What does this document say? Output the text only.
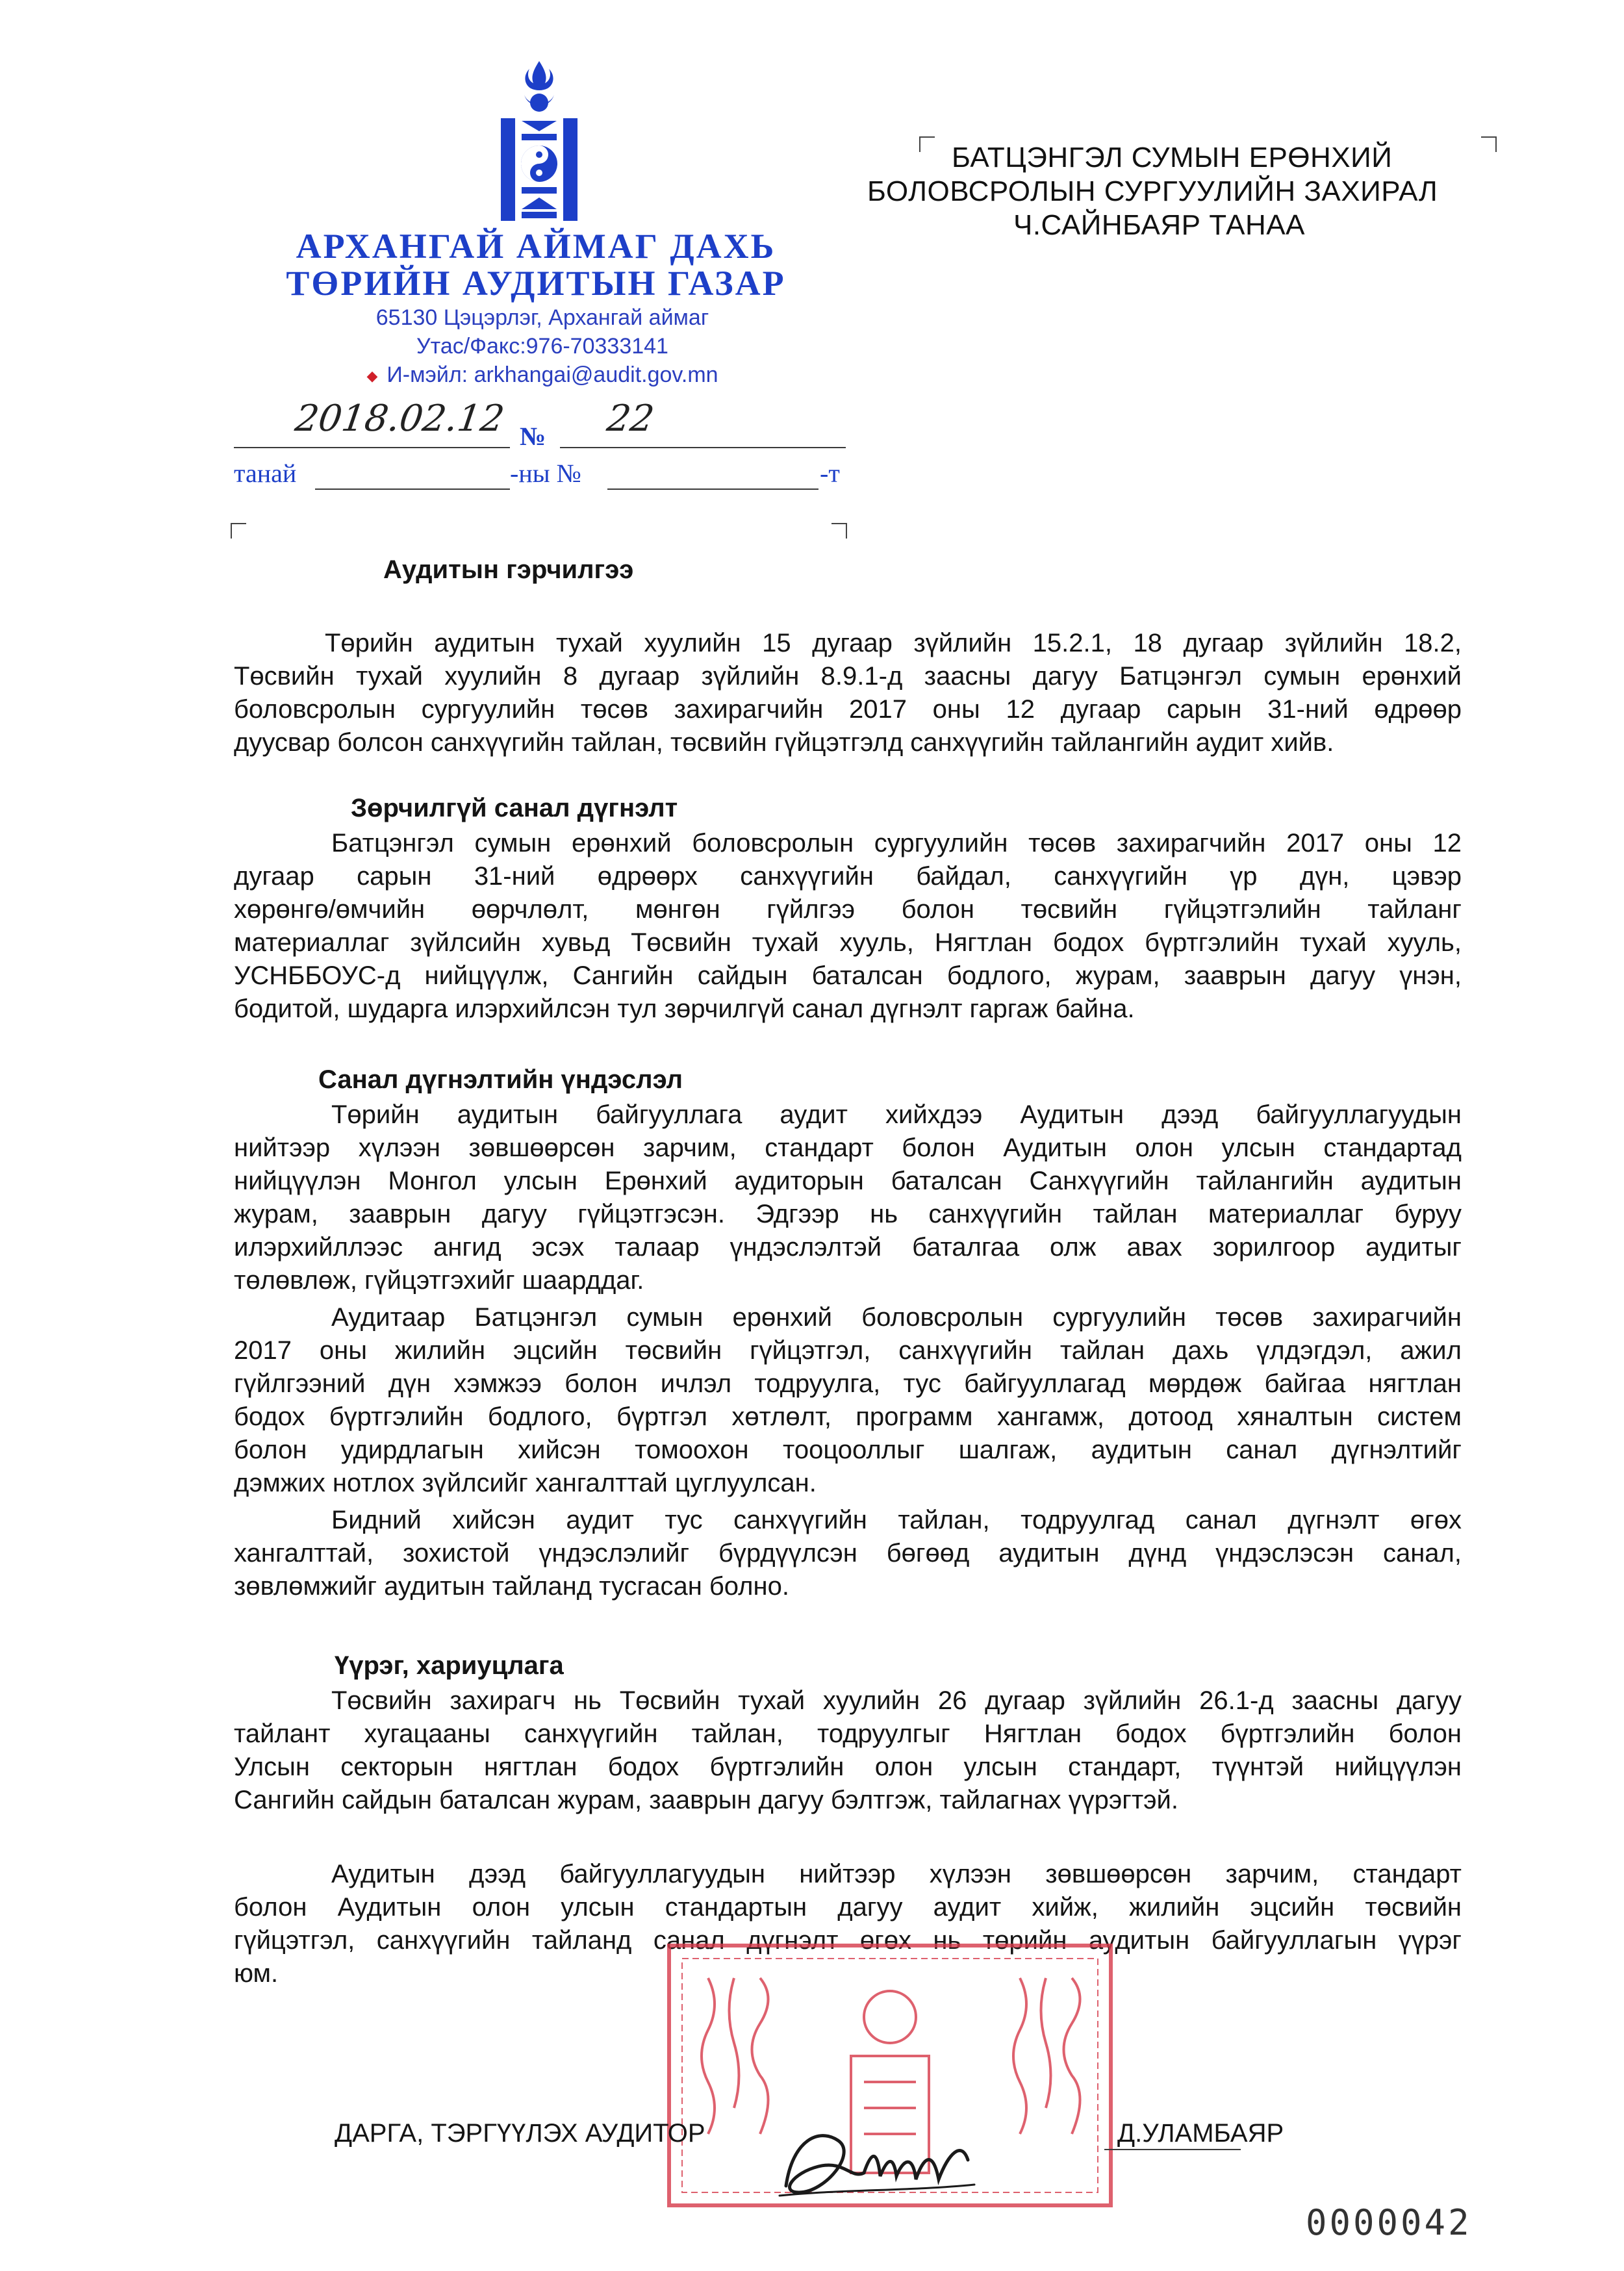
АРХАНГАЙ АЙМАГ ДАХЬ
ТӨРИЙН АУДИТЫН ГАЗАР
65130 Цэцэрлэг, Архангай аймаг
Утас/Факс:976-70333141
◆ И-мэйл: arkhangai@audit.gov.mn
2018.02.12 № 22
танай	-ны №	-т
БАТЦЭНГЭЛ СУМЫН ЕРӨНХИЙ
БОЛОВСРОЛЫН СУРГУУЛИЙН ЗАХИРАЛ
Ч.САЙНБАЯР ТАНАА
Аудитын гэрчилгээ
Төрийн аудитын тухай хуулийн 15 дугаар зүйлийн 15.2.1, 18 дугаар зүйлийн 18.2,
Төсвийн тухай хуулийн 8 дугаар зүйлийн 8.9.1-д заасны дагуу Батцэнгэл сумын ерөнхий
боловсролын сургуулийн төсөв захирагчийн 2017 оны 12 дугаар сарын 31-ний өдрөөр
дуусвар болсон санхүүгийн тайлан, төсвийн гүйцэтгэлд санхүүгийн тайлангийн аудит хийв.
Зөрчилгүй санал дүгнэлт
Батцэнгэл сумын ерөнхий боловсролын сургуулийн төсөв захирагчийн 2017 оны 12
дугаар сарын 31-ний өдрөөрх санхүүгийн байдал, санхүүгийн үр дүн, цэвэр
хөрөнгө/өмчийн өөрчлөлт, мөнгөн гүйлгээ болон төсвийн гүйцэтгэлийн тайланг
материаллаг зүйлсийн хувьд Төсвийн тухай хууль, Нягтлан бодох бүртгэлийн тухай хууль,
УСНББОУС-д нийцүүлж, Сангийн сайдын баталсан бодлого, журам, зааврын дагуу үнэн,
бодитой, шударга илэрхийлсэн тул зөрчилгүй санал дүгнэлт гаргаж байна.
Санал дүгнэлтийн үндэслэл
Төрийн аудитын байгууллага аудит хийхдээ Аудитын дээд байгууллагуудын
нийтээр хүлээн зөвшөөрсөн зарчим, стандарт болон Аудитын олон улсын стандартад
нийцүүлэн Монгол улсын Ерөнхий аудиторын баталсан Санхүүгийн тайлангийн аудитын
журам, зааврын дагуу гүйцэтгэсэн. Эдгээр нь санхүүгийн тайлан материаллаг буруу
илэрхийллээс ангид эсэх талаар үндэслэлтэй баталгаа олж авах зорилгоор аудитыг
төлөвлөж, гүйцэтгэхийг шаарддаг.
Аудитаар Батцэнгэл сумын ерөнхий боловсролын сургуулийн төсөв захирагчийн
2017 оны жилийн эцсийн төсвийн гүйцэтгэл, санхүүгийн тайлан дахь үлдэгдэл, ажил
гүйлгээний дүн хэмжээ болон ичлэл тодруулга, тус байгууллагад мөрдөж байгаа нягтлан
бодох бүртгэлийн бодлого, бүртгэл хөтлөлт, программ хангамж, дотоод хяналтын систем
болон удирдлагын хийсэн томоохон тооцооллыг шалгаж, аудитын санал дүгнэлтийг
дэмжих нотлох зүйлсийг хангалттай цуглуулсан.
Бидний хийсэн аудит тус санхүүгийн тайлан, тодруулгад санал дүгнэлт өгөх
хангалттай, зохистой үндэслэлийг бүрдүүлсэн бөгөөд аудитын дүнд үндэслэсэн санал,
зөвлөмжийг аудитын тайланд тусгасан болно.
Үүрэг, хариуцлага
Төсвийн захирагч нь Төсвийн тухай хуулийн 26 дугаар зүйлийн 26.1-д заасны дагуу
тайлант хугацааны санхүүгийн тайлан, тодруулгыг Нягтлан бодох бүртгэлийн болон
Улсын секторын нягтлан бодох бүртгэлийн олон улсын стандарт, түүнтэй нийцүүлэн
Сангийн сайдын баталсан журам, зааврын дагуу бэлтгэж, тайлагнах үүрэгтэй.
Аудитын дээд байгууллагуудын нийтээр хүлээн зөвшөөрсөн зарчим, стандарт
болон Аудитын олон улсын стандартын дагуу аудит хийж, жилийн эцсийн төсвийн
гүйцэтгэл, санхүүгийн тайланд санал дүгнэлт өгөх нь төрийн аудитын байгууллагын үүрэг
юм.
ДАРГА, ТЭРГҮҮЛЭХ АУДИТОР	Д.УЛАМБАЯР
0000042
